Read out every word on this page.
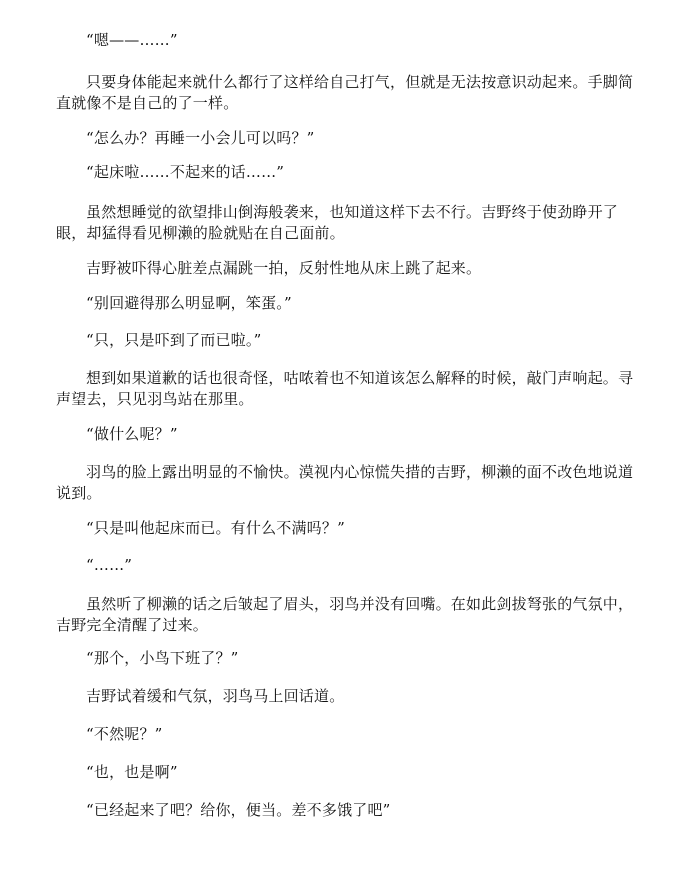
“嗯——……”

只要身体能起来就什么都行了这样给自己打气，但就是无法按意识动起来。手脚简直就像不是自己的了一样。

“怎么办？再睡一小会儿可以吗？”

“起床啦……不起来的话……”

虽然想睡觉的欲望排山倒海般袭来，也知道这样下去不行。吉野终于使劲睁开了眼，却猛得看见柳濑的脸就贴在自己面前。

吉野被吓得心脏差点漏跳一拍，反射性地从床上跳了起来。

“别回避得那么明显啊，笨蛋。”

“只，只是吓到了而已啦。”

想到如果道歉的话也很奇怪，咕哝着也不知道该怎么解释的时候，敲门声响起。寻声望去，只见羽鸟站在那里。

“做什么呢？”

羽鸟的脸上露出明显的不愉快。漠视内心惊慌失措的吉野，柳濑的面不改色地说道说到。

“只是叫他起床而已。有什么不满吗？”

“……”

虽然听了柳濑的话之后皱起了眉头，羽鸟并没有回嘴。在如此剑拔弩张的气氛中，吉野完全清醒了过来。

“那个，小鸟下班了？”

吉野试着缓和气氛，羽鸟马上回话道。

“不然呢？”

“也，也是啊”

“已经起来了吧？给你，便当。差不多饿了吧”
